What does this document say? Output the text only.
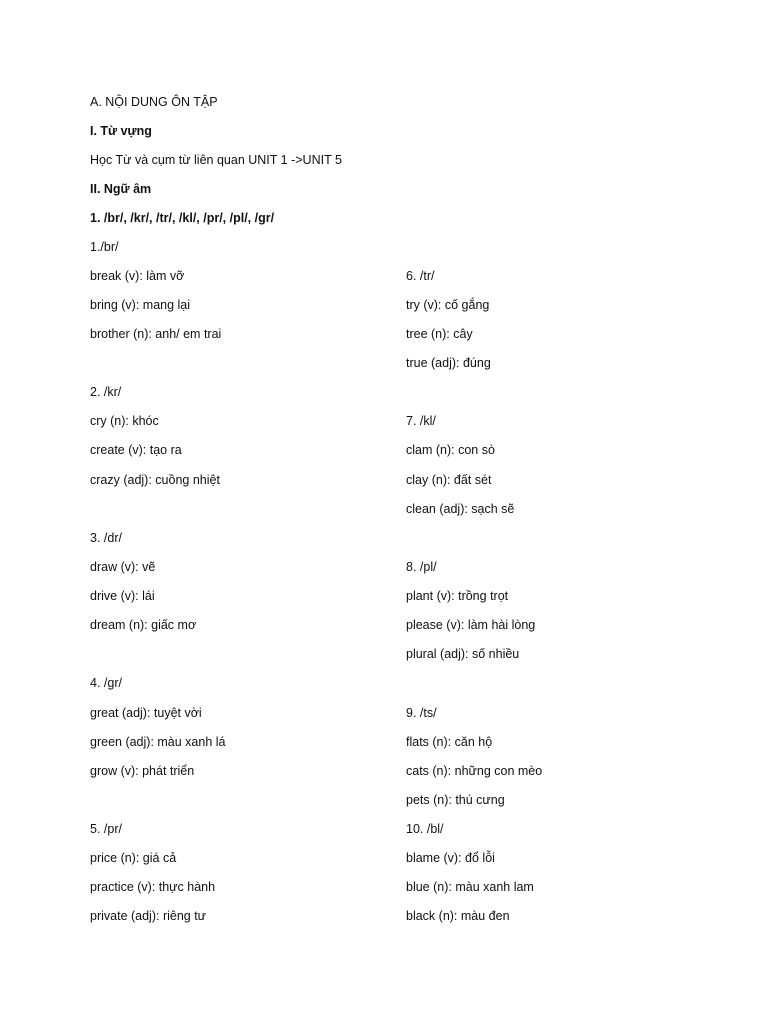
A. NỘI DUNG ÔN TẬP
I. Từ vựng
Học Từ và cụm từ liên quan UNIT 1 ->UNIT 5
II. Ngữ âm
1. /br/, /kr/, /tr/, /kl/, /pr/, /pl/, /gr/
1./br/
break (v): làm vỡ
bring (v): mang lại
brother (n): anh/ em trai
2. /kr/
cry (n): khóc
create (v): tạo ra
crazy (adj): cuồng nhiệt
3. /dr/
draw (v): vẽ
drive (v): lái
dream (n): giấc mơ
4. /gr/
great (adj): tuyệt vời
green (adj): màu xanh lá
grow (v): phát triển
5. /pr/
price (n): giá cả
practice (v): thực hành
private (adj): riêng tư
6. /tr/
try (v): cố gắng
tree (n): cây
true (adj): đúng
7. /kl/
clam (n): con sò
clay (n): đất sét
clean (adj): sạch sẽ
8. /pl/
plant (v): trồng trọt
please (v): làm hài lòng
plural (adj): số nhiều
9. /ts/
flats (n): căn hộ
cats (n): những con mèo
pets (n): thú cưng
10. /bl/
blame (v): đổ lỗi
blue (n): màu xanh lam
black (n): màu đen
